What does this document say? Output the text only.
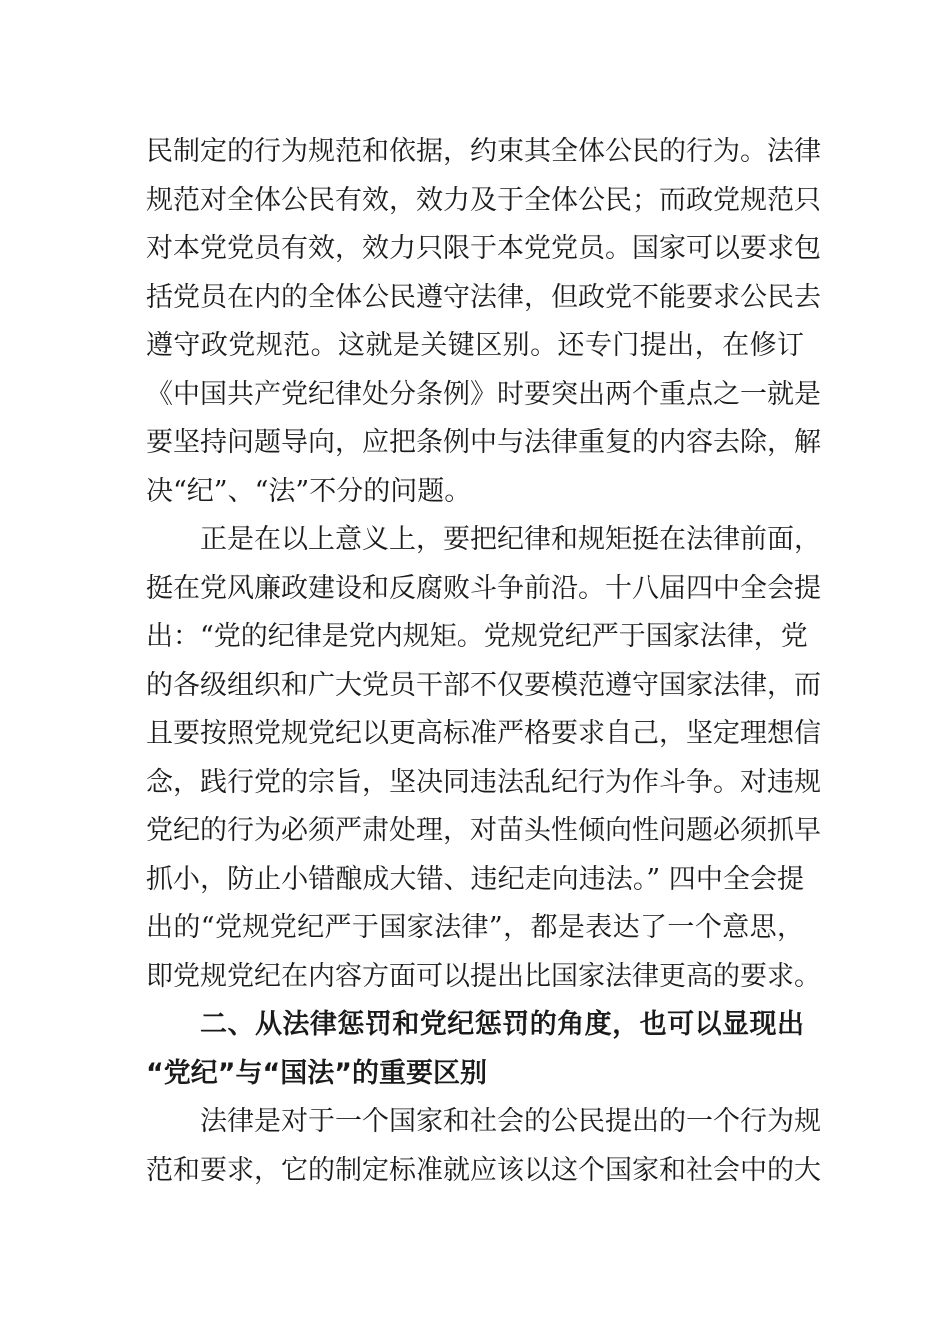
民制定的行为规范和依据，约束其全体公民的行为。法律
规范对全体公民有效，效力及于全体公民；而政党规范只
对本党党员有效，效力只限于本党党员。国家可以要求包
括党员在内的全体公民遵守法律，但政党不能要求公民去
遵守政党规范。这就是关键区别。还专门提出，在修订
《中国共产党纪律处分条例》时要突出两个重点之一就是
要坚持问题导向，应把条例中与法律重复的内容去除，解
决“纪”、“法”不分的问题。
正是在以上意义上，要把纪律和规矩挺在法律前面，
挺在党风廉政建设和反腐败斗争前沿。十八届四中全会提
出：“党的纪律是党内规矩。党规党纪严于国家法律，党
的各级组织和广大党员干部不仅要模范遵守国家法律，而
且要按照党规党纪以更高标准严格要求自己，坚定理想信
念，践行党的宗旨，坚决同违法乱纪行为作斗争。对违规
党纪的行为必须严肃处理，对苗头性倾向性问题必须抓早
抓小，防止小错酿成大错、违纪走向违法。” 四中全会提
出的“党规党纪严于国家法律”，都是表达了一个意思，
即党规党纪在内容方面可以提出比国家法律更高的要求。
二、从法律惩罚和党纪惩罚的角度，也可以显现出
“党纪”与“国法”的重要区别
法律是对于一个国家和社会的公民提出的一个行为规
范和要求，它的制定标准就应该以这个国家和社会中的大
